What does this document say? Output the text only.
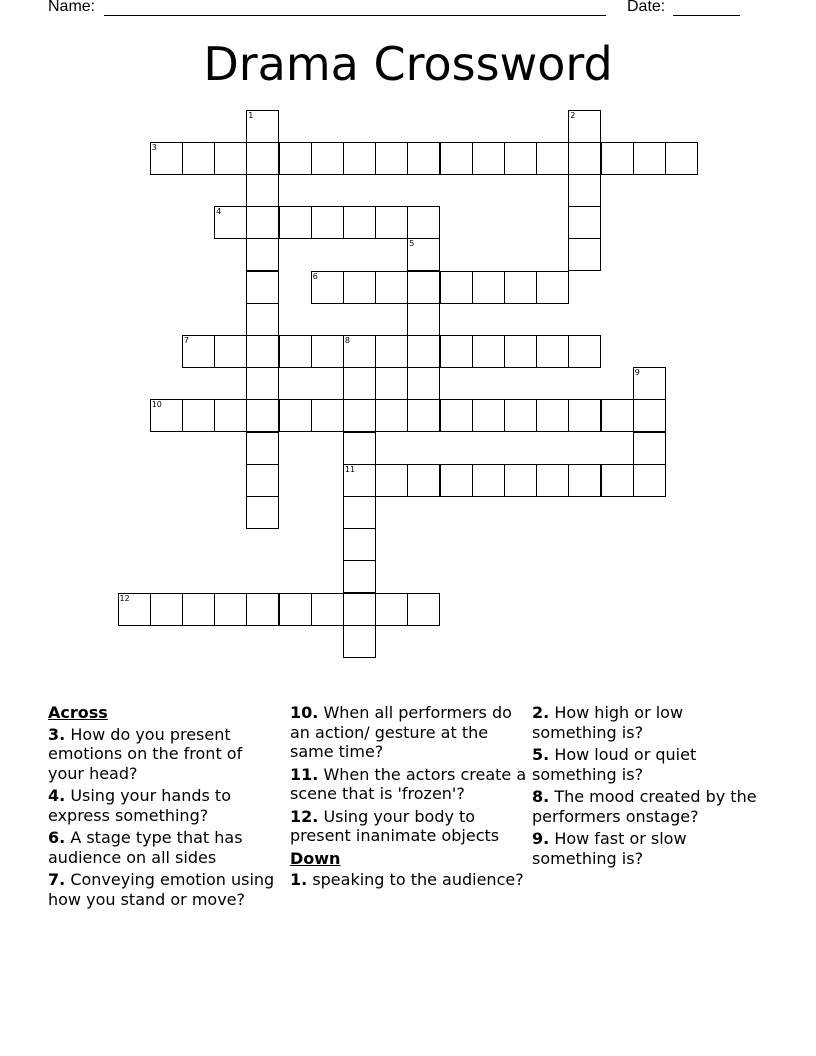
Name:	Date:
Drama Crossword
1	2
3
4
5
6
7	8
11
9
10
12
Across
3. How do you present emotions on the front of your head?
4. Using your hands to express something?
6. A stage type that has audience on all sides
7. Conveying emotion using how you stand or move?
10. When all performers do an action/ gesture at the same time?
11. When the actors create a scene that is 'frozen'?
12. Using your body to present inanimate objects
Down
1. speaking to the audience?
2. How high or low something is?
5. How loud or quiet something is?
8. The mood created by the performers onstage?
9. How fast or slow something is?
